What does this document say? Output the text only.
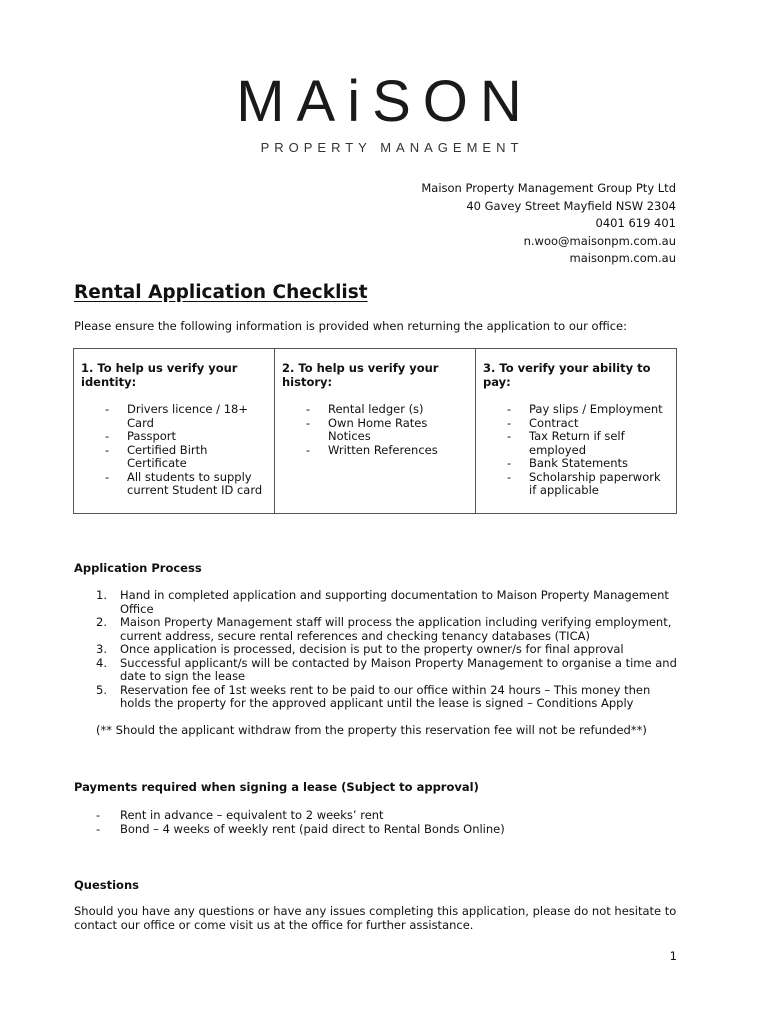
MAiSON
PROPERTY MANAGEMENT
Maison Property Management Group Pty Ltd
40 Gavey Street Mayfield NSW 2304
0401 619 401
n.woo@maisonpm.com.au
maisonpm.com.au
Rental Application Checklist
Please ensure the following information is provided when returning the application to our office:
1. To help us verify your identity:
- Drivers licence / 18+ Card
- Passport
- Certified Birth Certificate
- All students to supply current Student ID card

2. To help us verify your history:
- Rental ledger (s)
- Own Home Rates Notices
- Written References

3. To verify your ability to pay:
- Pay slips / Employment
- Contract
- Tax Return if self employed
- Bank Statements
- Scholarship paperwork if applicable
Application Process
1. Hand in completed application and supporting documentation to Maison Property Management Office
2. Maison Property Management staff will process the application including verifying employment, current address, secure rental references and checking tenancy databases (TICA)
3. Once application is processed, decision is put to the property owner/s for final approval
4. Successful applicant/s will be contacted by Maison Property Management to organise a time and date to sign the lease
5. Reservation fee of 1st weeks rent to be paid to our office within 24 hours – This money then holds the property for the approved applicant until the lease is signed – Conditions Apply
(** Should the applicant withdraw from the property this reservation fee will not be refunded**)
Payments required when signing a lease (Subject to approval)
- Rent in advance – equivalent to 2 weeks’ rent
- Bond – 4 weeks of weekly rent (paid direct to Rental Bonds Online)
Questions
Should you have any questions or have any issues completing this application, please do not hesitate to contact our office or come visit us at the office for further assistance.
1
